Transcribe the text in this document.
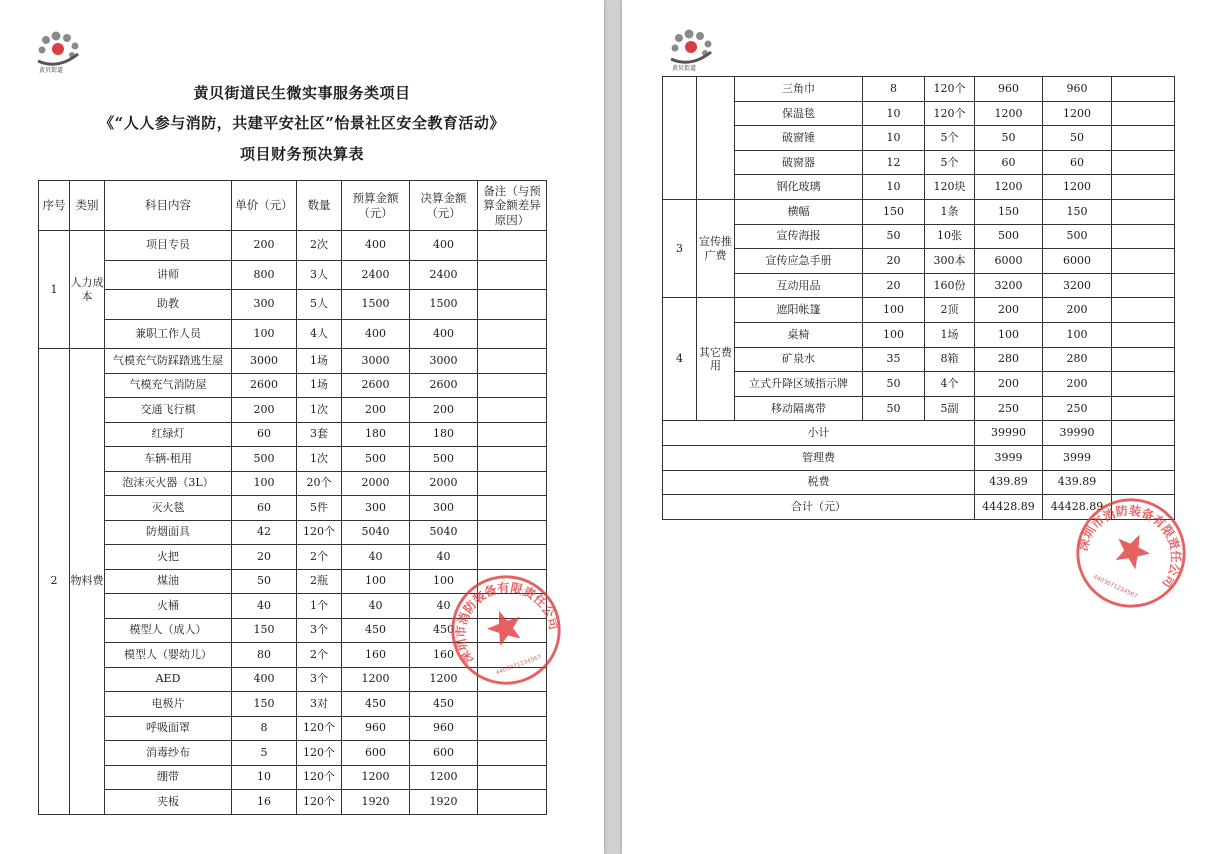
黄贝街道
黄贝街道民生微实事服务类项目
《“人人参与消防，共建平安社区”怡景社区安全教育活动》
项目财务预决算表
黄贝街道
序号	类别	科目内容	单价（元）	数量	预算金额（元）	决算金额（元）	备注（与预算金额差异原因）
1	人力成本	项目专员	200	2次	400	400	
		讲师	800	3人	2400	2400	
		助教	300	5人	1500	1500	
		兼职工作人员	100	4人	400	400	
2	物料费	气模充气防踩踏逃生屋	3000	1场	3000	3000	
		气模充气消防屋	2600	1场	2600	2600	
		交通飞行棋	200	1次	200	200	
		红绿灯	60	3套	180	180	
		车辆-租用	500	1次	500	500	
		泡沫灭火器（3L）	100	20个	2000	2000	
		灭火毯	60	5件	300	300	
		防烟面具	42	120个	5040	5040	
		火把	20	2个	40	40	
		煤油	50	2瓶	100	100	
		火桶	40	1个	40	40	
		模型人（成人）	150	3个	450	450	
		模型人（婴幼儿）	80	2个	160	160	
		AED	400	3个	1200	1200	
		电极片	150	3对	450	450	
		呼吸面罩	8	120个	960	960	
		消毒纱布	5	120个	600	600	
		绷带	10	120个	1200	1200	
		夹板	16	120个	1920	1920	
		三角巾	8	120个	960	960	
		保温毯	10	120个	1200	1200	
		破窗锤	10	5个	50	50	
		破窗器	12	5个	60	60	
		钢化玻璃	10	120块	1200	1200	
3	宣传推广费	横幅	150	1条	150	150	
		宣传海报	50	10张	500	500	
		宣传应急手册	20	300本	6000	6000	
		互动用品	20	160份	3200	3200	
4	其它费用	遮阳帐篷	100	2顶	200	200	
		桌椅	100	1场	100	100	
		矿泉水	35	8箱	280	280	
		立式升降区域指示牌	50	4个	200	200	
		移动隔离带	50	5副	250	250	
小计					39990	39990	
管理费					3999	3999	
税费					439.89	439.89	
合计（元）					44428.89	44428.89	
深圳市消防装备有限责任公司
4403071234567
深圳市消防装备有限责任公司
4403071234567
